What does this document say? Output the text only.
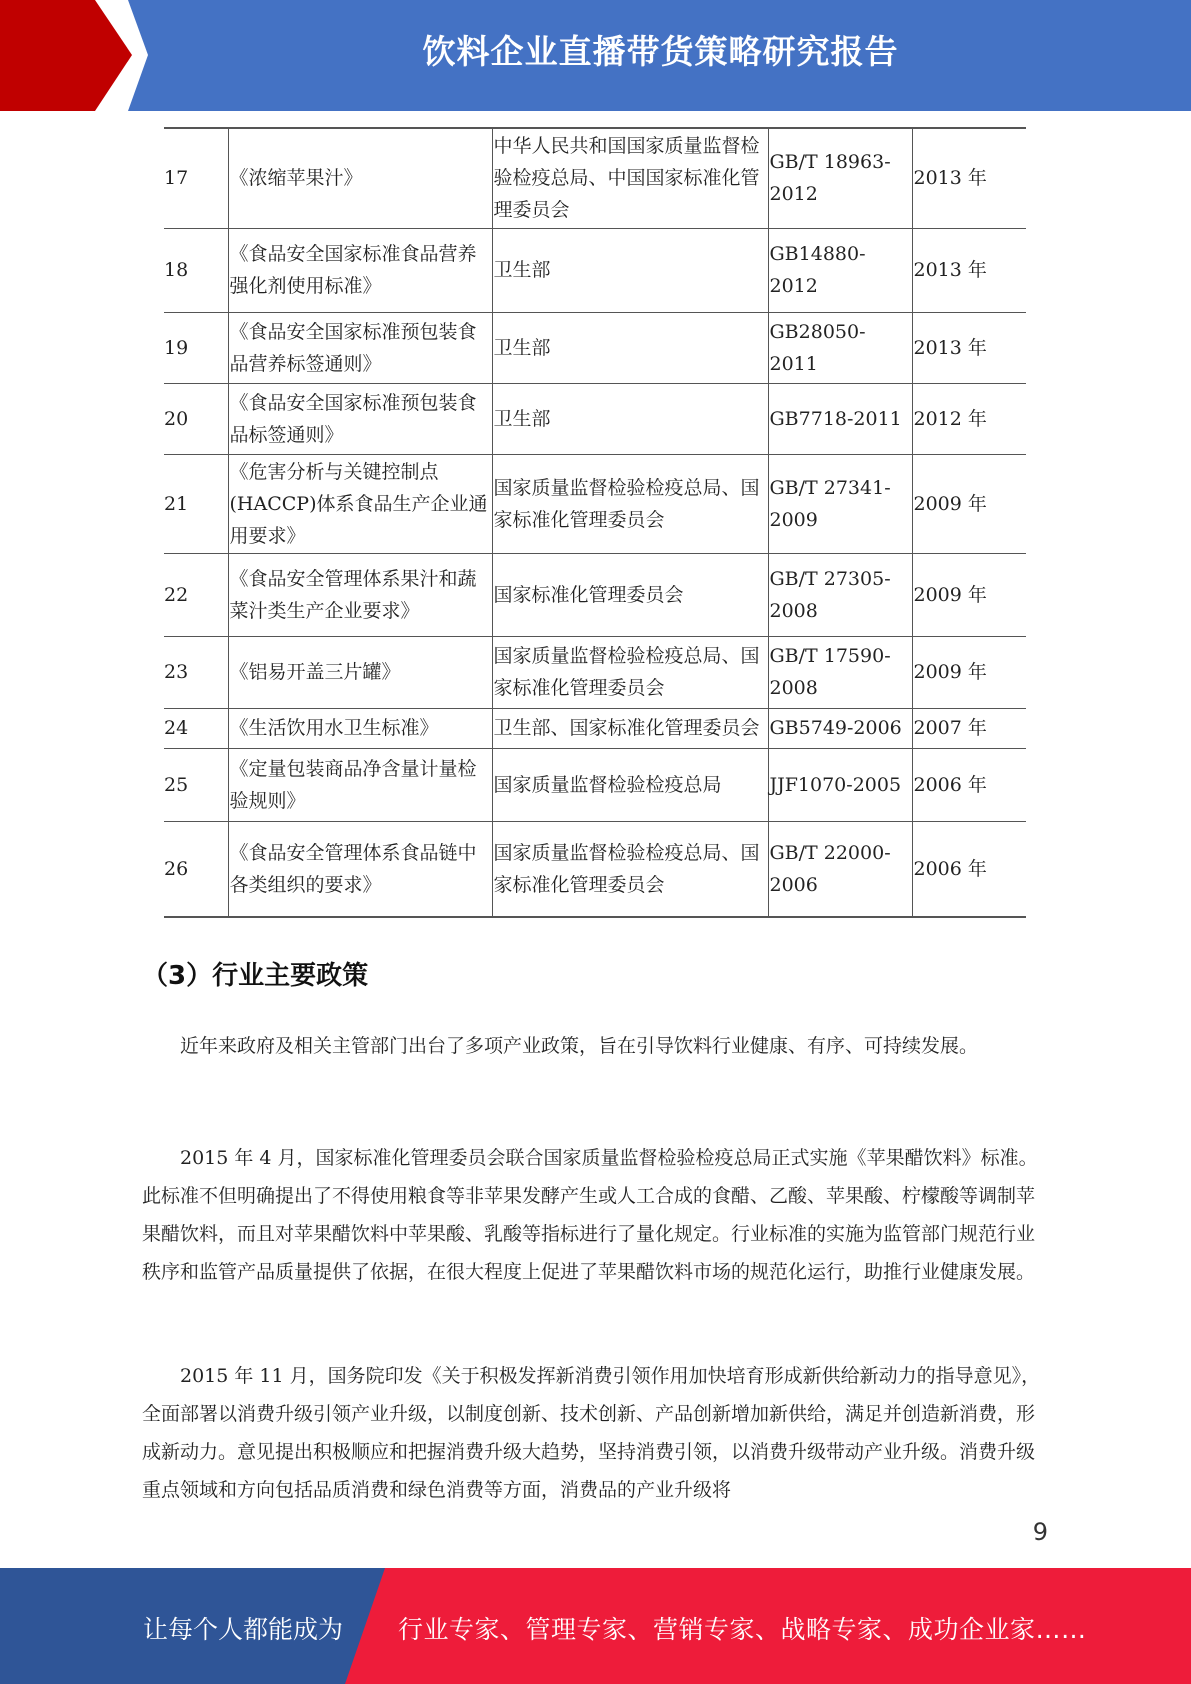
饮料企业直播带货策略研究报告
17	《浓缩苹果汁》	中华人民共和国国家质量监督检验检疫总局、中国国家标准化管理委员会	GB/T 18963-2012	2013 年
18	《食品安全国家标准食品营养强化剂使用标准》	卫生部	GB14880-2012	2013 年
19	《食品安全国家标准预包装食品营养标签通则》	卫生部	GB28050-2011	2013 年
20	《食品安全国家标准预包装食品标签通则》	卫生部	GB7718-2011	2012 年
21	《危害分析与关键控制点(HACCP)体系食品生产企业通用要求》	国家质量监督检验检疫总局、国家标准化管理委员会	GB/T 27341-2009	2009 年
22	《食品安全管理体系果汁和蔬菜汁类生产企业要求》	国家标准化管理委员会	GB/T 27305-2008	2009 年
23	《铝易开盖三片罐》	国家质量监督检验检疫总局、国家标准化管理委员会	GB/T 17590-2008	2009 年
24	《生活饮用水卫生标准》	卫生部、国家标准化管理委员会	GB5749-2006	2007 年
25	《定量包装商品净含量计量检验规则》	国家质量监督检验检疫总局	JJF1070-2005	2006 年
26	《食品安全管理体系食品链中各类组织的要求》	国家质量监督检验检疫总局、国家标准化管理委员会	GB/T 22000-2006	2006 年
（3）行业主要政策

近年来政府及相关主管部门出台了多项产业政策，旨在引导饮料行业健康、有序、可持续发展。

2015 年 4 月，国家标准化管理委员会联合国家质量监督检验检疫总局正式实施《苹果醋饮料》标准。此标准不但明确提出了不得使用粮食等非苹果发酵产生或人工合成的食醋、乙酸、苹果酸、柠檬酸等调制苹果醋饮料，而且对苹果醋饮料中苹果酸、乳酸等指标进行了量化规定。行业标准的实施为监管部门规范行业秩序和监管产品质量提供了依据，在很大程度上促进了苹果醋饮料市场的规范化运行，助推行业健康发展。

2015 年 11 月，国务院印发《关于积极发挥新消费引领作用加快培育形成新供给新动力的指导意见》，全面部署以消费升级引领产业升级，以制度创新、技术创新、产品创新增加新供给，满足并创造新消费，形成新动力。意见提出积极顺应和把握消费升级大趋势，坚持消费引领，以消费升级带动产业升级。消费升级重点领域和方向包括品质消费和绿色消费等方面，消费品的产业升级将

9
让每个人都能成为 行业专家、管理专家、营销专家、战略专家、成功企业家……
